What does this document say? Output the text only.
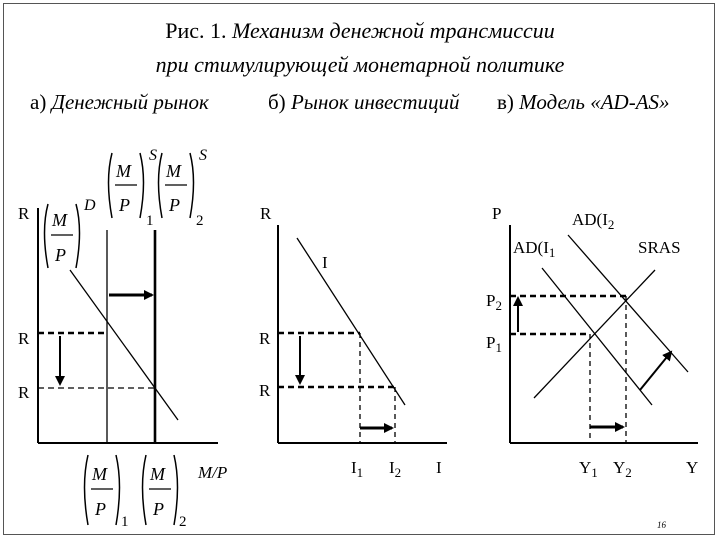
Рис. 1. Механизм денежной трансмиссии
при стимулирующей монетарной политике
а) Денежный рынок	б) Рынок инвестиций в) Модель «AD-AS»
R M
P
D
M
P
S
1
M
P
S
2
R
R
M
P
1
M
P
2
M/P
R
I
R
R
$I_1$ $I_2$ I
P
$AD(I_1$
$AD(I_2$
SRAS
$P_2$
$P_1$
$Y_1$ $Y_2$	Y
16
